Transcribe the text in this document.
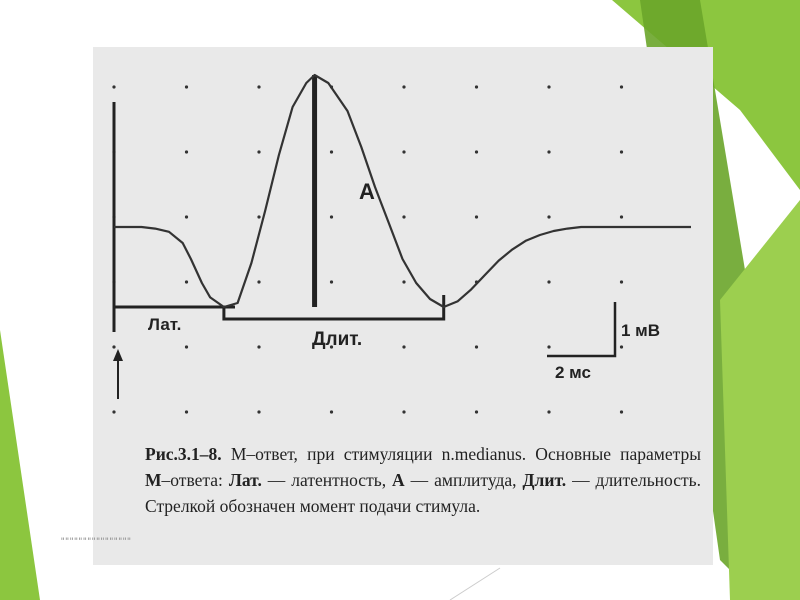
А
Лат.
Длит.	1 мВ
2 мс
Рис.3.1–8. М–ответ, при стимуляции n.medianus. Основные параметры М–ответа: Лат. — латентность, А — амплитуда, Длит. — длительность. Стрелкой обозначен момент подачи стимула.
""""""""""""""""
